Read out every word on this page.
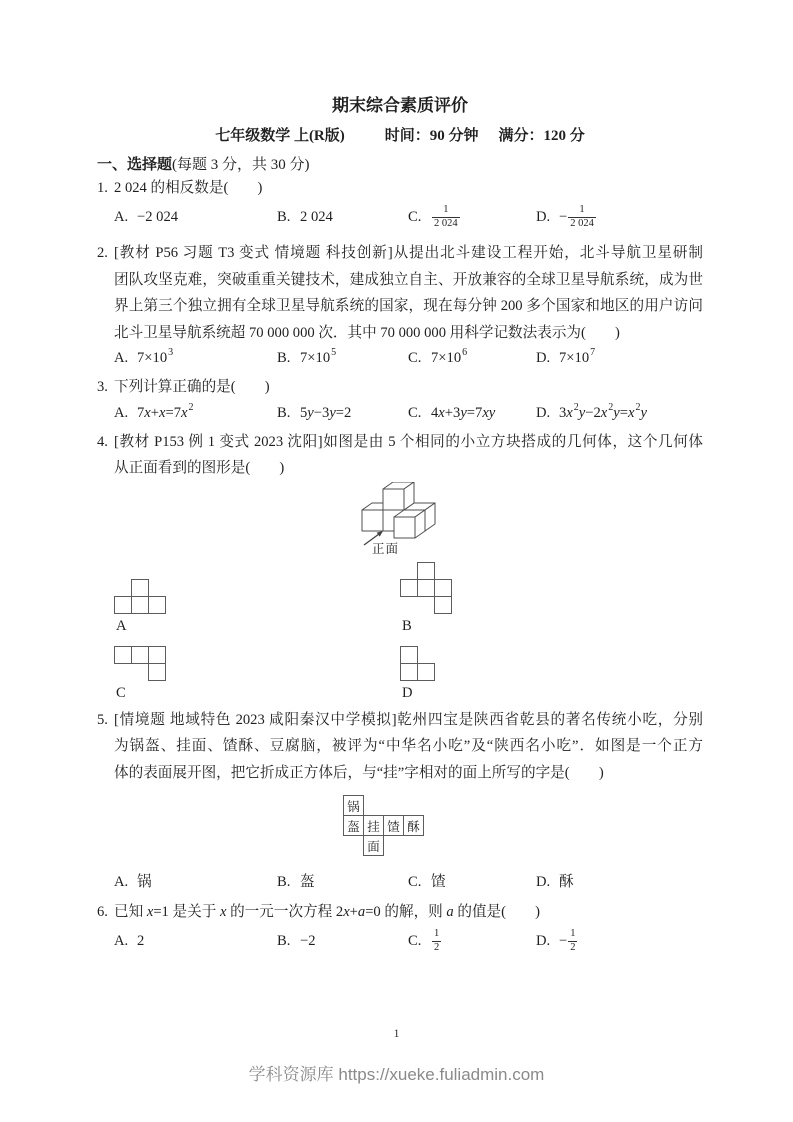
期末综合素质评价
七年级数学 上(R版)	时间：90 分钟 满分：120 分
一、选择题(每题 3 分，共 30 分)
1. 2 024 的相反数是(　　)
A. −2 024	B. 2 024	C.	$\frac{1}{2 024}$	D. − $\frac{1}{2 024}$
2. [教材 P56 习题 T3 变式 情境题 科技创新]从提出北斗建设工程开始，北斗导航卫星研制
团队攻坚克难，突破重重关键技术，建成独立自主、开放兼容的全球卫星导航系统，成为世
界上第三个独立拥有全球卫星导航系统的国家，现在每分钟 200 多个国家和地区的用户访问
北斗卫星导航系统超 70 000 000 次．其中 70 000 000 用科学记数法表示为(　　)
A. 7×10 3	B. 7×10 5	C. 7×10 6	D. 7×10 7
3. 下列计算正确的是(　　)
A. 7 x + x =7 x 2	B. 5 y −3 y =2	C. 4 x +3 y =7 xy	D. 3 x 2 y −2 x 2 y = x 2 y
4. [教材 P153 例 1 变式 2023 沈阳]如图是由 5 个相同的小立方块搭成的几何体，这个几何体
从正面看到的图形是(　　)
正面
A	B
C	D
5. [情境题 地域特色 2023 咸阳秦汉中学模拟]乾州四宝是陕西省乾县的著名传统小吃，分别
为锅盔、挂面、馇酥、豆腐脑，被评为“中华名小吃”及“陕西名小吃”．如图是一个正方
体的表面展开图，把它折成正方体后，与“挂”字相对的面上所写的字是(　　)
锅
盔 挂 馇 酥
面
A. 锅	B. 盔	C. 馇	D. 酥
6. 已知 x=1 是关于 x 的一元一次方程 2x+a=0 的解，则 a 的值是(　　)
A. 2	B. −2	C.	$\frac{1}{2}$	D. − $\frac{1}{2}$
1
学科资源库 https://xueke.fuliadmin.com
